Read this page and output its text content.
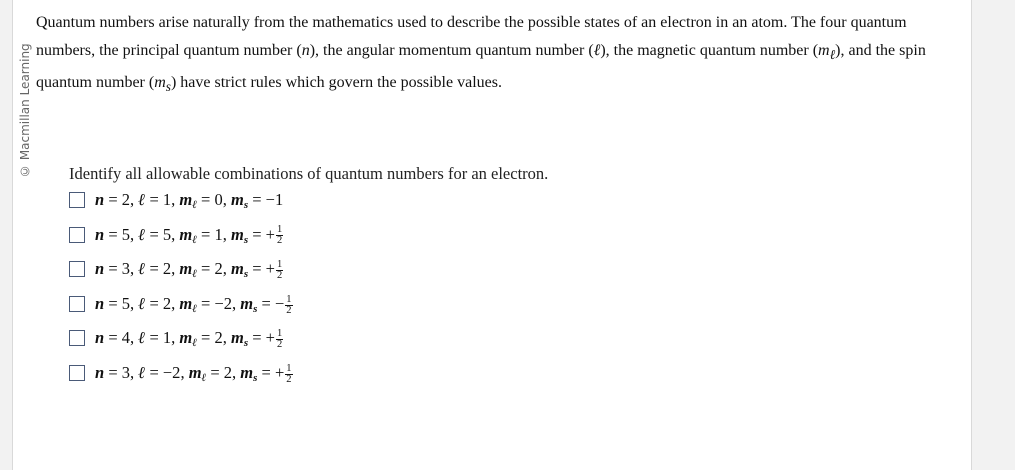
© Macmillan Learning
Quantum numbers arise naturally from the mathematics used to describe the possible states of an electron in an atom. The four quantum numbers, the principal quantum number (n), the angular momentum quantum number (ℓ), the magnetic quantum number $(m_\ell)$, and the spin quantum number $(m_s)$ have strict rules which govern the possible values.
Identify all allowable combinations of quantum numbers for an electron.
n = 2, ℓ = 1, $m_\ell = 0$, $m_s = -1$
n = 5, ℓ = 5, $m_\ell = 1$, $m_s$ = + $\frac{1}{2}$
n = 3, ℓ = 2, $m_\ell = 2$, $m_s$ = + $\frac{1}{2}$
n = 5, ℓ = 2, $m_\ell = -2$, $m_s$ = − $\frac{1}{2}$
n = 4, ℓ = 1, $m_\ell = 2$, $m_s$ = + $\frac{1}{2}$
n = 3, ℓ = −2, $m_\ell = 2$, $m_s$ = + $\frac{1}{2}$
